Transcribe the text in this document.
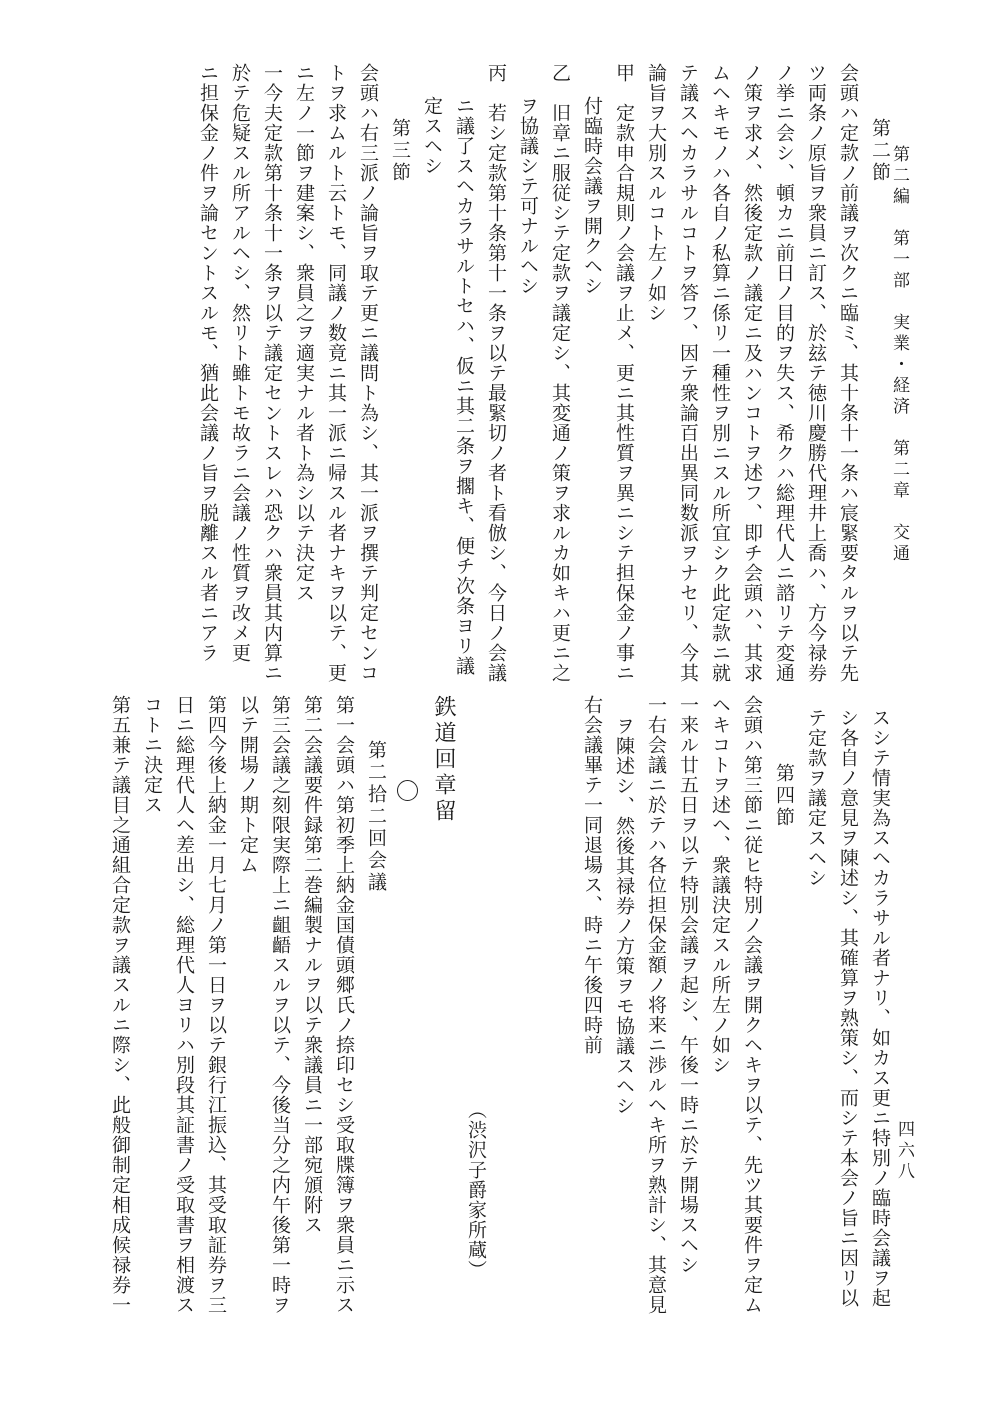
第二編　第一部　実業・経済　第二章　交通
四六八
第二節
会頭ハ定款ノ前議ヲ次クニ臨ミ、其十条十一条ハ宸緊要タルヲ以テ先
ツ両条ノ原旨ヲ衆員ニ訂ス、於玆テ徳川慶勝代理井上喬ハ、方今禄券
ノ挙ニ会シ、頓カニ前日ノ目的ヲ失ス、希クハ総理代人ニ諮リテ変通
ノ策ヲ求メ、然後定款ノ議定ニ及ハンコトヲ述フ、即チ会頭ハ、其求
ムヘキモノハ各自ノ私算ニ係リ一種性ヲ別ニスル所宜シク此定款ニ就
テ議スヘカラサルコトヲ答フ、因テ衆論百出異同数派ヲナセリ、今其
論旨ヲ大別スルコト左ノ如シ
甲　定款申合規則ノ会議ヲ止メ、更ニ其性質ヲ異ニシテ担保金ノ事ニ
付臨時会議ヲ開クヘシ
乙　旧章ニ服従シテ定款ヲ議定シ、其変通ノ策ヲ求ルカ如キハ更ニ之
ヲ協議シテ可ナルヘシ
丙　若シ定款第十条第十一条ヲ以テ最緊切ノ者ト看倣シ、今日ノ会議
ニ議了スヘカラサルトセハ、仮ニ其二条ヲ擱キ、便チ次条ヨリ議
定スヘシ
第三節
会頭ハ右三派ノ論旨ヲ取テ更ニ議問ト為シ、其一派ヲ撰テ判定センコ
トヲ求ムルト云トモ、同議ノ数竟ニ其一派ニ帰スル者ナキヲ以テ、更
ニ左ノ一節ヲ建案シ、衆員之ヲ適実ナル者ト為シ以テ決定ス
一今夫定款第十条十一条ヲ以テ議定セントスレハ恐クハ衆員其内算ニ
於テ危疑スル所アルヘシ、然リト雖トモ故ラニ会議ノ性質ヲ改メ更
ニ担保金ノ件ヲ論セントスルモ、猶此会議ノ旨ヲ脱離スル者ニアラ
スシテ情実為スヘカラサル者ナリ、如カス更ニ特別ノ臨時会議ヲ起
シ各自ノ意見ヲ陳述シ、其確算ヲ熟策シ、而シテ本会ノ旨ニ因リ以
テ定款ヲ議定スヘシ
第四節
会頭ハ第三節ニ従ヒ特別ノ会議ヲ開クヘキヲ以テ、先ツ其要件ヲ定ム
ヘキコトヲ述ヘ、衆議決定スル所左ノ如シ
一来ル廿五日ヲ以テ特別会議ヲ起シ、午後一時ニ於テ開場スヘシ
一右会議ニ於テハ各位担保金額ノ将来ニ渉ルヘキ所ヲ熟計シ、其意見
ヲ陳述シ、然後其禄券ノ方策ヲモ協議スヘシ
右会議畢テ一同退場ス、時ニ午後四時前
（渋沢子爵家所蔵）
鉄道回章留
第二拾二回会議
第一会頭ハ第初季上納金国債頭郷氏ノ捺印セシ受取牒簿ヲ衆員ニ示ス
第二会議要件録第二巻編製ナルヲ以テ衆議員ニ一部宛頒附ス
第三会議之刻限実際上ニ齟齬スルヲ以テ、今後当分之内午後第一時ヲ
以テ開場ノ期ト定ム
第四今後上納金一月七月ノ第一日ヲ以テ銀行江振込、其受取証券ヲ三
日ニ総理代人ヘ差出シ、総理代人ヨリハ別段其証書ノ受取書ヲ相渡ス
コトニ決定ス
第五兼テ議目之通組合定款ヲ議スルニ際シ、此般御制定相成候禄券一
